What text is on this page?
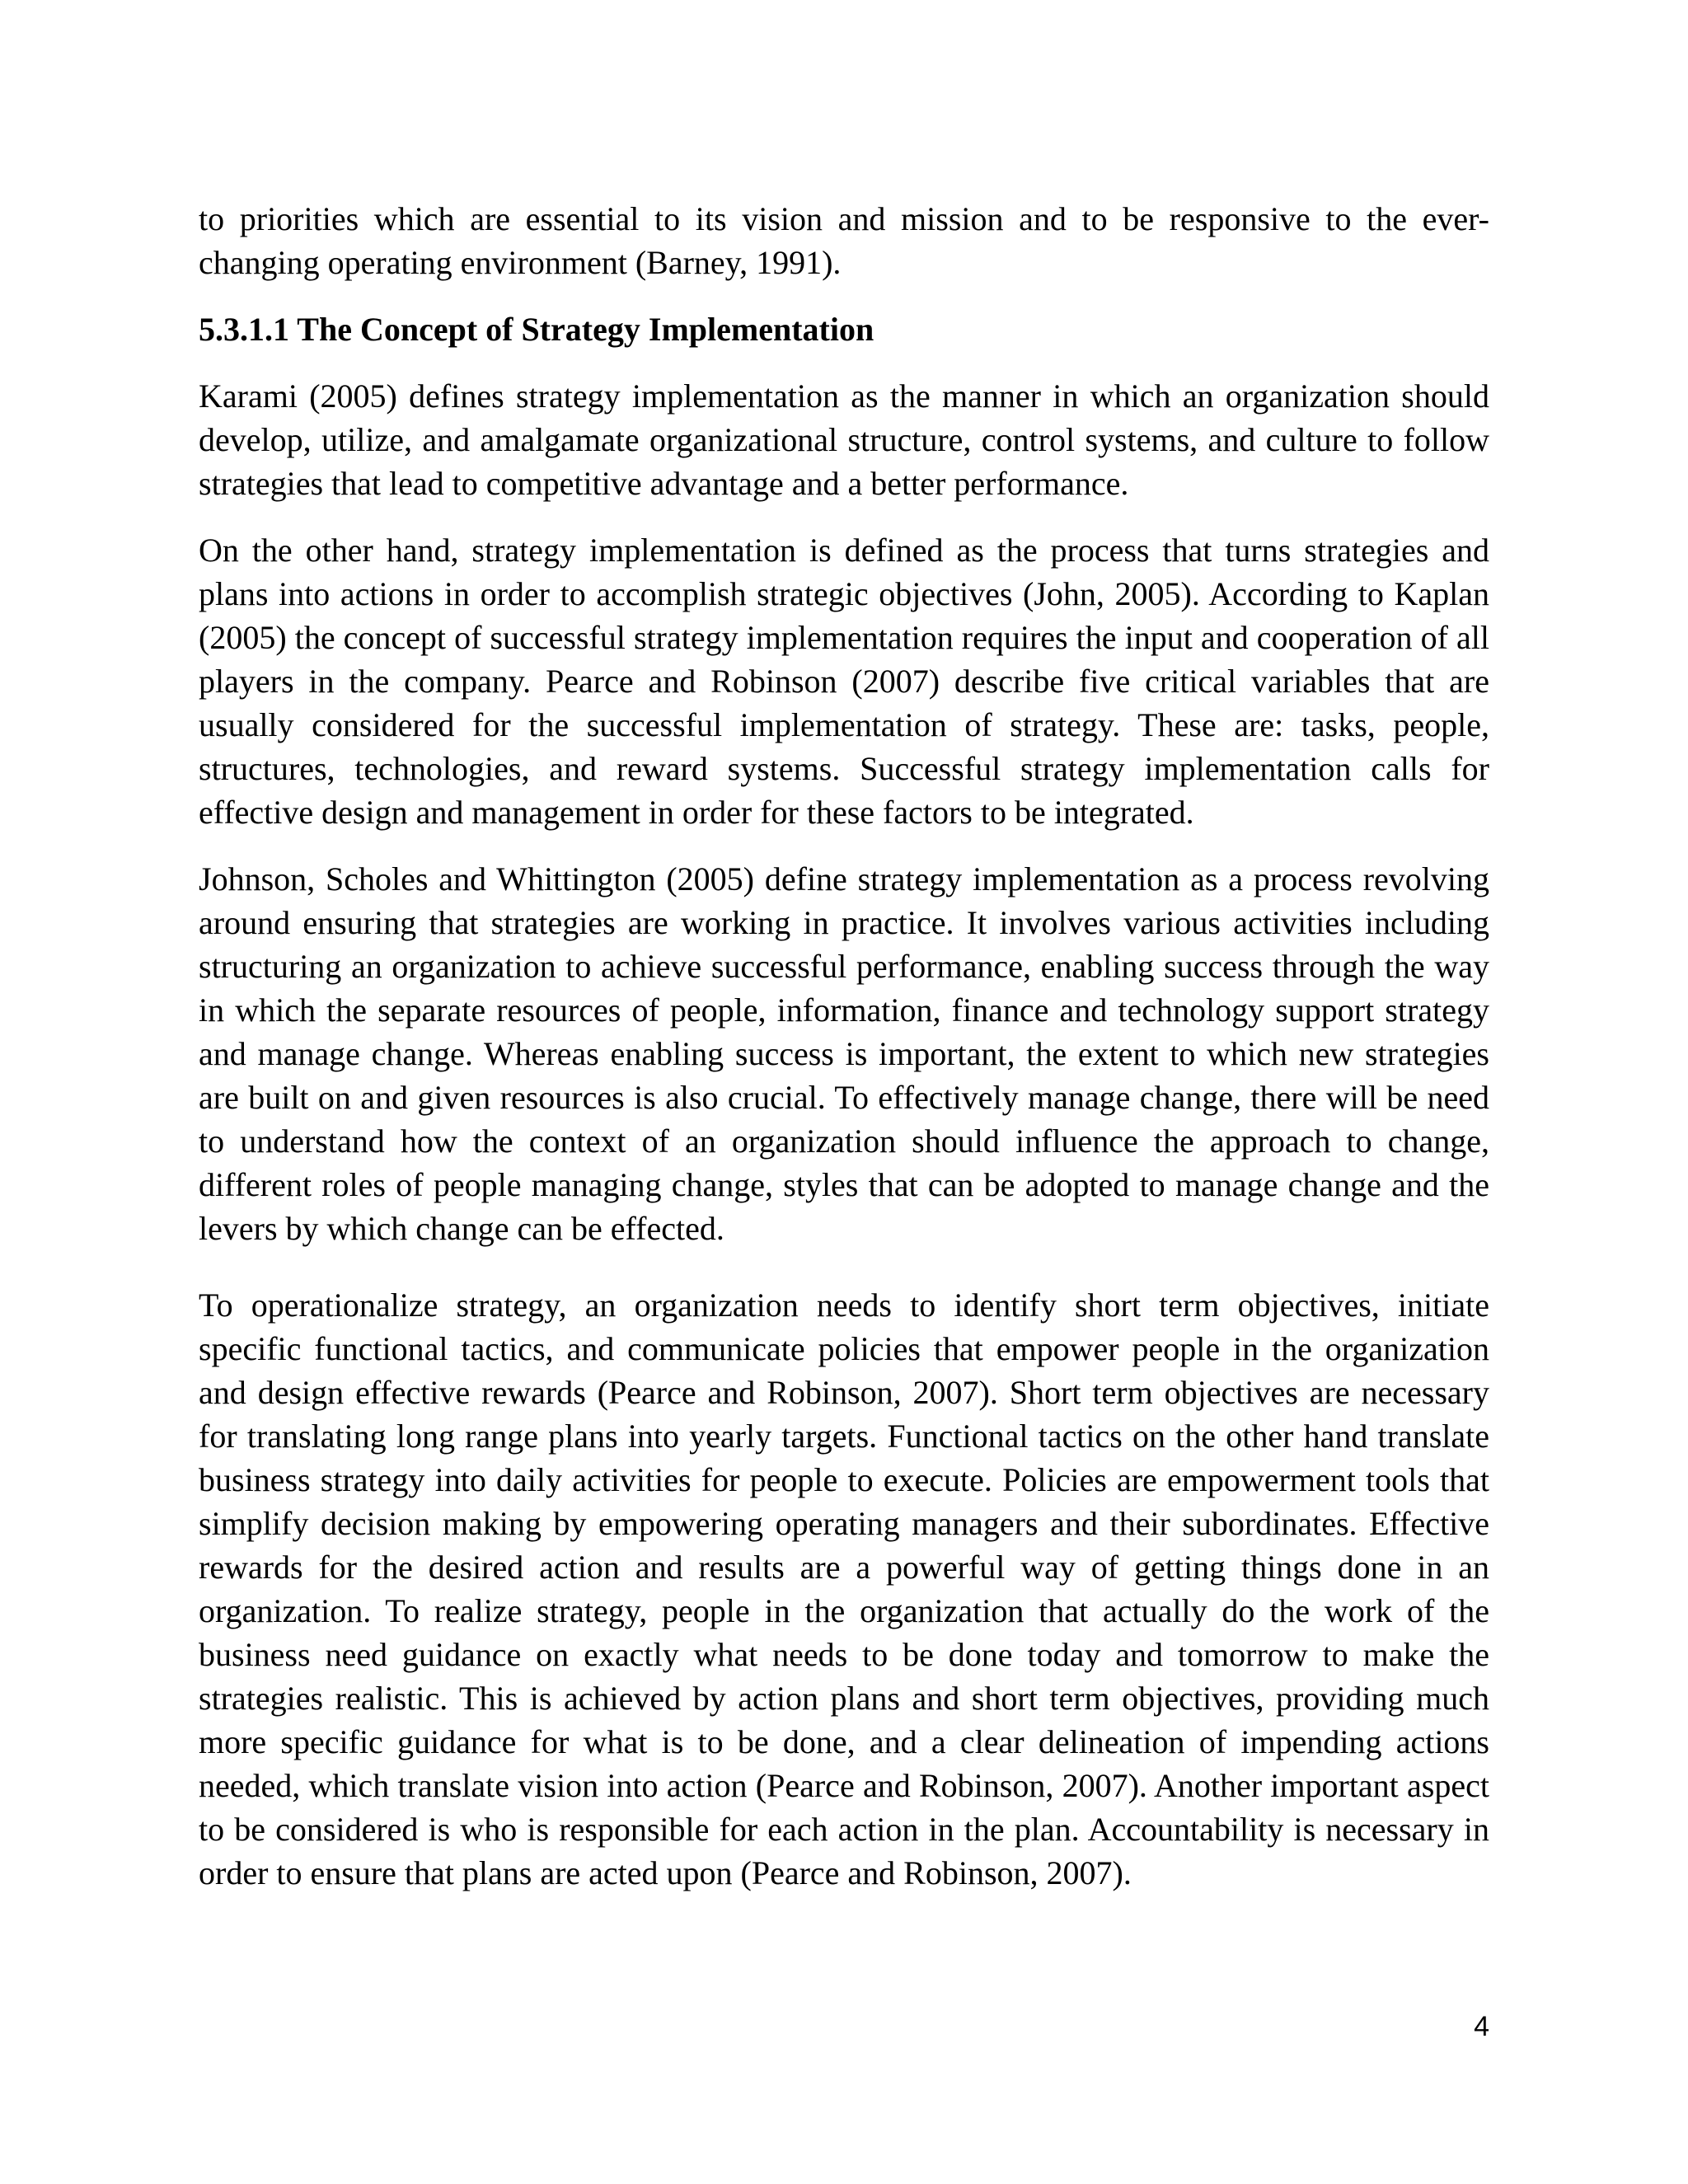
to priorities which are essential to its vision and mission and to be responsive to the ever-changing operating environment (Barney, 1991).

5.3.1.1 The Concept of Strategy Implementation

Karami (2005) defines strategy implementation as the manner in which an organization should develop, utilize, and amalgamate organizational structure, control systems, and culture to follow strategies that lead to competitive advantage and a better performance.

On the other hand, strategy implementation is defined as the process that turns strategies and plans into actions in order to accomplish strategic objectives (John, 2005). According to Kaplan (2005) the concept of successful strategy implementation requires the input and cooperation of all players in the company. Pearce and Robinson (2007) describe five critical variables that are usually considered for the successful implementation of strategy. These are: tasks, people, structures, technologies, and reward systems. Successful strategy implementation calls for effective design and management in order for these factors to be integrated.

Johnson, Scholes and Whittington (2005) define strategy implementation as a process revolving around ensuring that strategies are working in practice. It involves various activities including structuring an organization to achieve successful performance, enabling success through the way in which the separate resources of people, information, finance and technology support strategy and manage change. Whereas enabling success is important, the extent to which new strategies are built on and given resources is also crucial. To effectively manage change, there will be need to understand how the context of an organization should influence the approach to change, different roles of people managing change, styles that can be adopted to manage change and the levers by which change can be effected.

To operationalize strategy, an organization needs to identify short term objectives, initiate specific functional tactics, and communicate policies that empower people in the organization and design effective rewards (Pearce and Robinson, 2007). Short term objectives are necessary for translating long range plans into yearly targets. Functional tactics on the other hand translate business strategy into daily activities for people to execute. Policies are empowerment tools that simplify decision making by empowering operating managers and their subordinates. Effective rewards for the desired action and results are a powerful way of getting things done in an organization. To realize strategy, people in the organization that actually do the work of the business need guidance on exactly what needs to be done today and tomorrow to make the strategies realistic. This is achieved by action plans and short term objectives, providing much more specific guidance for what is to be done, and a clear delineation of impending actions needed, which translate vision into action (Pearce and Robinson, 2007). Another important aspect to be considered is who is responsible for each action in the plan. Accountability is necessary in order to ensure that plans are acted upon (Pearce and Robinson, 2007).

4
